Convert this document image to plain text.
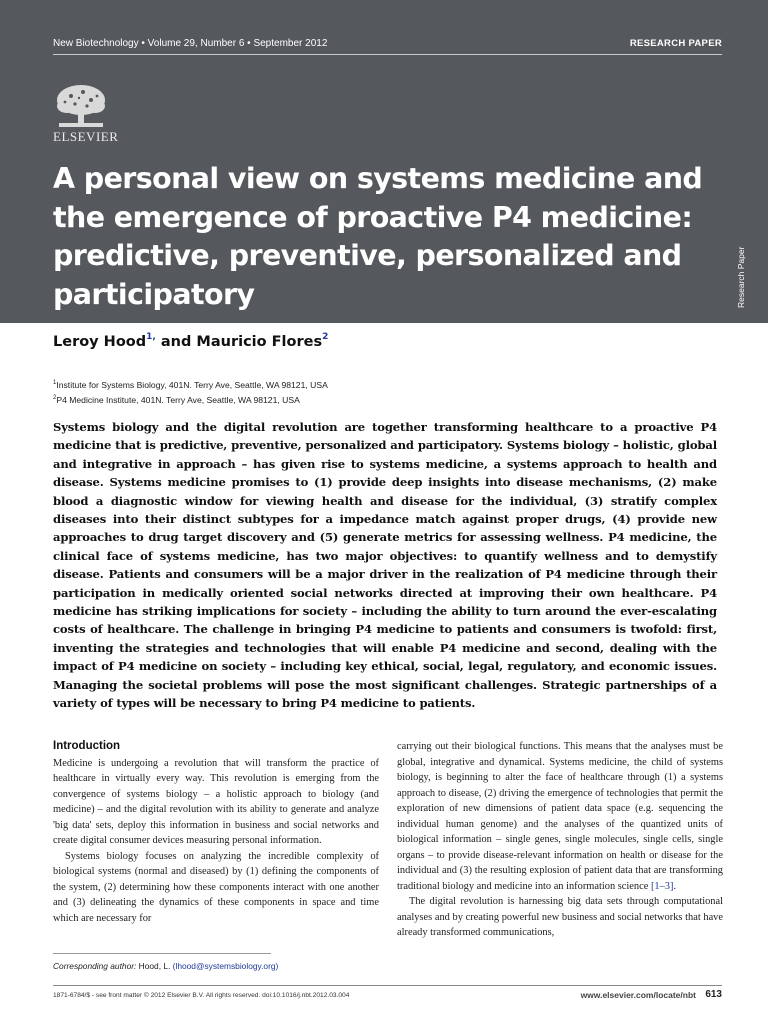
New Biotechnology • Volume 29, Number 6 • September 2012	RESEARCH PAPER
ELSEVIER
A personal view on systems medicine and the emergence of proactive P4 medicine: predictive, preventive, personalized and participatory	Research Paper
Leroy Hood$^{1,}$ and Mauricio Flores$^2$
$^1$Institute for Systems Biology, 401N. Terry Ave, Seattle, WA 98121, USA
$^2$P4 Medicine Institute, 401N. Terry Ave, Seattle, WA 98121, USA

Systems biology and the digital revolution are together transforming healthcare to a proactive P4 medicine that is predictive, preventive, personalized and participatory. Systems biology – holistic, global and integrative in approach – has given rise to systems medicine, a systems approach to health and disease. Systems medicine promises to (1) provide deep insights into disease mechanisms, (2) make blood a diagnostic window for viewing health and disease for the individual, (3) stratify complex diseases into their distinct subtypes for a impedance match against proper drugs, (4) provide new approaches to drug target discovery and (5) generate metrics for assessing wellness. P4 medicine, the clinical face of systems medicine, has two major objectives: to quantify wellness and to demystify disease. Patients and consumers will be a major driver in the realization of P4 medicine through their participation in medically oriented social networks directed at improving their own healthcare. P4 medicine has striking implications for society – including the ability to turn around the ever-escalating costs of healthcare. The challenge in bringing P4 medicine to patients and consumers is twofold: first, inventing the strategies and technologies that will enable P4 medicine and second, dealing with the impact of P4 medicine on society – including key ethical, social, legal, regulatory, and economic issues. Managing the societal problems will pose the most significant challenges. Strategic partnerships of a variety of types will be necessary to bring P4 medicine to patients.

Introduction

Medicine is undergoing a revolution that will transform the practice of healthcare in virtually every way. This revolution is emerging from the convergence of systems biology – a holistic approach to biology (and medicine) – and the digital revolution with its ability to generate and analyze 'big data' sets, deploy this information in business and social networks and create digital consumer devices measuring personal information.

Systems biology focuses on analyzing the incredible complexity of biological systems (normal and diseased) by (1) defining the components of the system, (2) determining how these components interact with one another and (3) delineating the dynamics of these components in space and time which are necessary for

carrying out their biological functions. This means that the analyses must be global, integrative and dynamical. Systems medicine, the child of systems biology, is beginning to alter the face of healthcare through (1) a systems approach to disease, (2) driving the emergence of technologies that permit the exploration of new dimensions of patient data space (e.g. sequencing the individual human genome) and the analyses of the quantized units of biological information – single genes, single molecules, single cells, single organs – to provide disease-relevant information on health or disease for the individual and (3) the resulting explosion of patient data that are transforming traditional biology and medicine into an information science [1–3].

The digital revolution is harnessing big data sets through computational analyses and by creating powerful new business and social networks that have already transformed communications,

Corresponding author: Hood, L. (lhood@systemsbiology.org)
1871-6784/$ - see front matter © 2012 Elsevier B.V. All rights reserved. doi:10.1016/j.nbt.2012.03.004	www.elsevier.com/locate/nbt 613
